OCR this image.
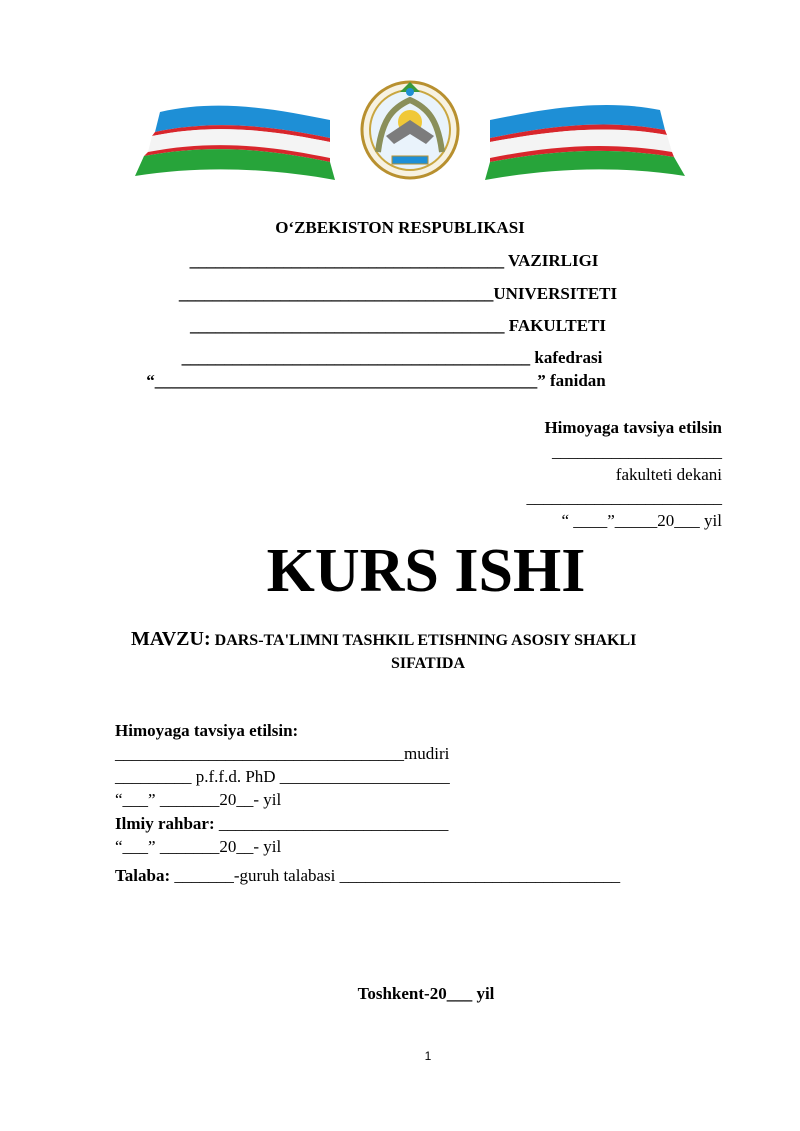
O‘ZBEKISTON RESPUBLIKASI
_____________________________________ VAZIRLIGI
_____________________________________UNIVERSITETI
_____________________________________ FAKULTETI
_________________________________________ kafedrasi
“_____________________________________________” fanidan
Himoyaga tavsiya etilsin
____________________
fakulteti dekani
_______________________
“ ____”_____20___ yil
KURS ISHI
MAVZU: DARS-TA'LIMNI TASHKIL ETISHNING ASOSIY SHAKLI
SIFATIDA
Himoyaga tavsiya etilsin:
__________________________________mudiri
_________ p.f.f.d. PhD ____________________
“___” _______20__- yil
Ilmiy rahbar: ___________________________
“___” _______20__- yil
Talaba: _______-guruh talabasi _________________________________
Toshkent-20___ yil
1
